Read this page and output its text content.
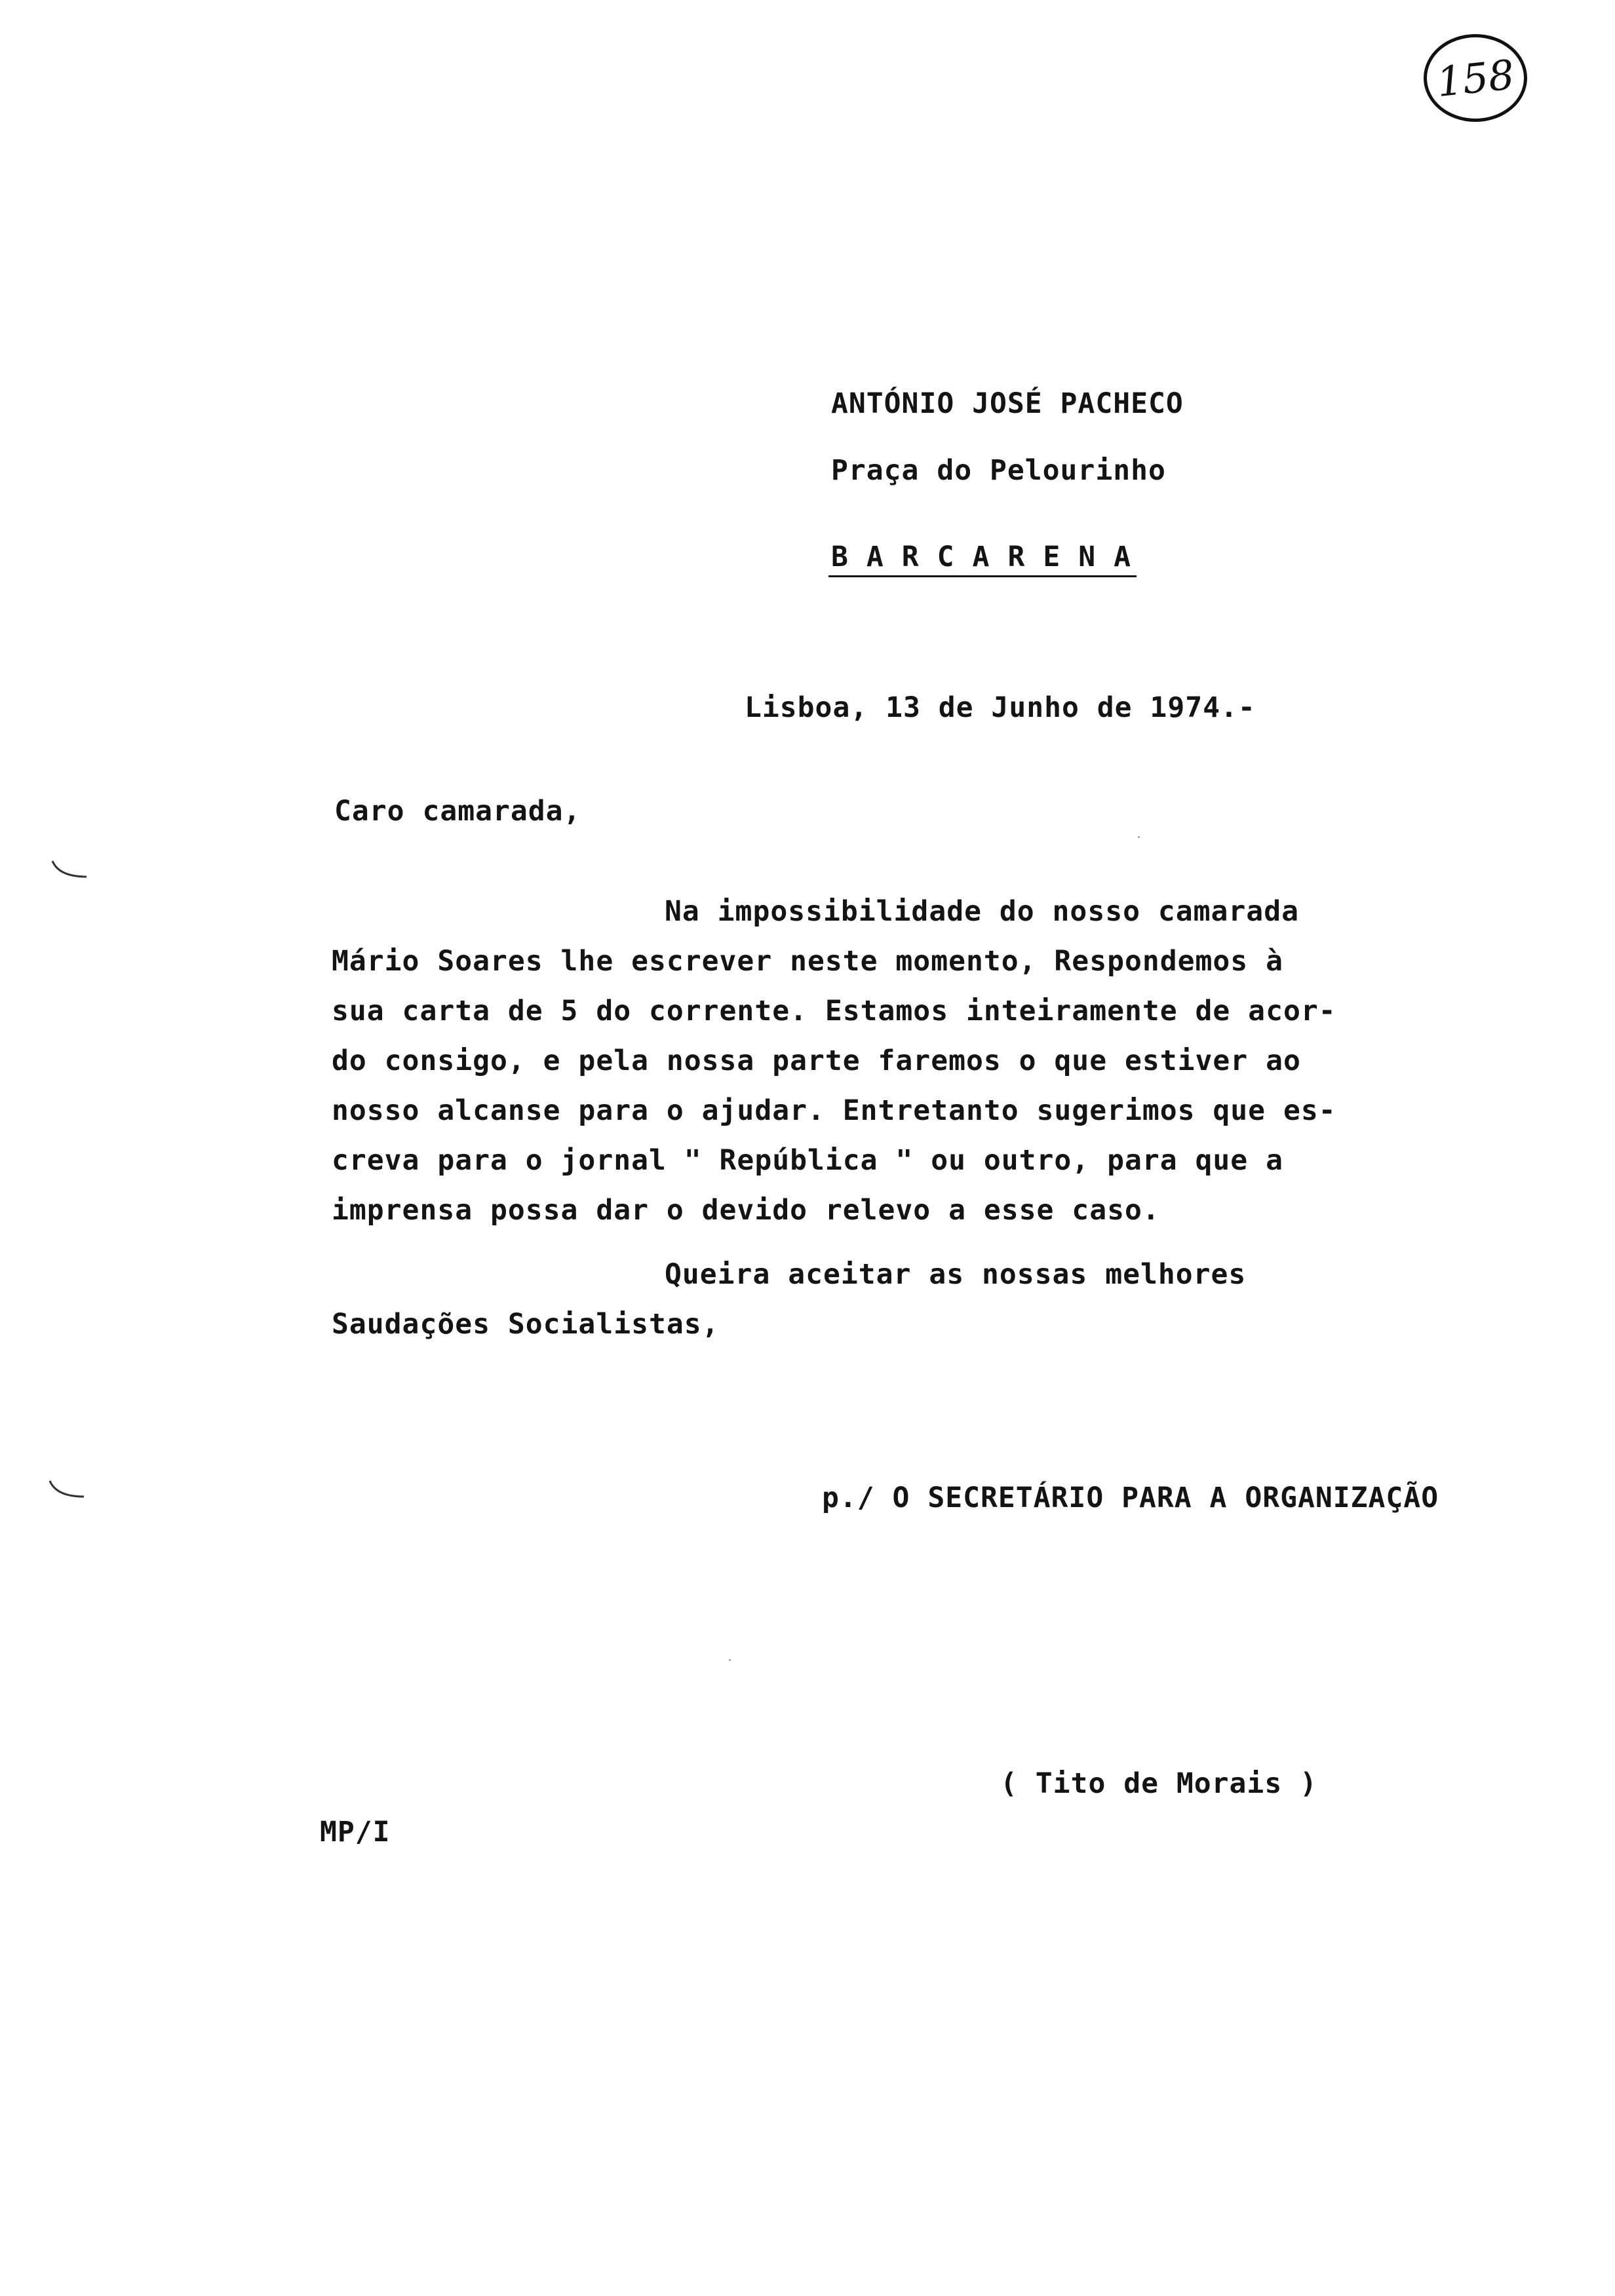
158
ANTÓNIO JOSÉ PACHECO
Praça do Pelourinho
BARCARENA
Lisboa, 13 de Junho de 1974.-
Caro camarada,
Na impossibilidade do nosso camarada
Mário Soares lhe escrever neste momento, Respondemos à
sua carta de 5 do corrente. Estamos inteiramente de acor-
do consigo, e pela nossa parte faremos o que estiver ao
nosso alcanse para o ajudar. Entretanto sugerimos que es-
creva para o jornal " República " ou outro, para que a
imprensa possa dar o devido relevo a esse caso.
Queira aceitar as nossas melhores
Saudações Socialistas,
p./ O SECRETÁRIO PARA A ORGANIZAÇÃO
( Tito de Morais )
MP/I
